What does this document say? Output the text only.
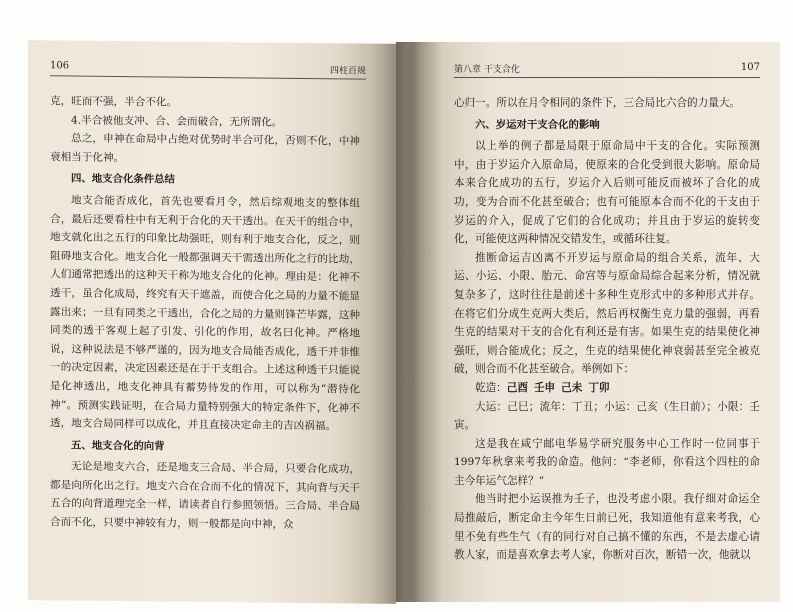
106	四柱百规

克，旺而不强，半合不化。

4.半合被他支冲、合、会而破合，无所谓化。

总之，申神在命局中占绝对优势时半合可化，否则不化，中神衰相当于化神。

四、地支合化条件总结

地支合能否成化，首先也要看月令，然后综观地支的整体组合，最后还要看柱中有无利于合化的天干透出。在天干的组合中，地支就化出之五行的印象比劫强旺，则有利于地支合化，反之，则阻碍地支合化。地支合化一般都强调天干需透出所化之行的比劫，人们通常把透出的这种天干称为地支合化的化神。理由是：化神不透干，虽合化成局，终究有天干遮盖，而使合化之局的力量不能显露出来；一旦有同类之干透出，合化之局的力量则锋芒毕露，这种同类的透干客观上起了引发、引化的作用，故名曰化神。严格地说，这种说法是不够严谨的，因为地支合局能否成化，透干并非惟一的决定因素，决定因素还是在于干支组合。上述这种透干只能说是化神透出，地支化神具有蓄势待发的作用，可以称为“潜待化神”。预测实践证明，在合局力量特别强大的特定条件下，化神不透，地支合局同样可以成化，并且直接决定命主的吉凶祸福。

五、地支合化的向背

无论是地支六合，还是地支三合局、半合局，只要合化成功，都是向所化出之行。地支六合在合而不化的情况下，其向背与天干五合的向背道理完全一样，请读者自行参照领悟。三合局、半合局合而不化，只要中神较有力，则一般都是向中神，众

第八章 干支合化	107

心归一。所以在月令相同的条件下，三合局比六合的力量大。

六、岁运对干支合化的影响

以上举的例子都是局限于原命局中干支的合化。实际预测中，由于岁运介入原命局，使原来的合化受到很大影响。原命局本来合化成功的五行，岁运介入后则可能反而被坏了合化的成功，变为合而不化甚至破合；也有可能原本合而不化的干支由于岁运的介入，促成了它们的合化成功；并且由于岁运的旋转变化，可能使这两种情况交错发生，或循环往复。

推断命运吉凶离不开岁运与原命局的组合关系，流年、大运、小运、小限、胎元、命宫等与原命局综合起来分析，情况就复杂多了，这时往往是前述十多种生克形式中的多种形式并存。在将它们分成生克两大类后，然后再权衡生克力量的强弱，再看生克的结果对干支的合化有利还是有害。如果生克的结果使化神强旺，则合能成化；反之，生克的结果使化神衰弱甚至完全被克破，则合而不化甚至破合。举例如下：

乾造：己酉 壬申 己未 丁卯

大运：己巳；流年：丁丑；小运：己亥（生日前）；小限：壬寅。

这是我在咸宁邮电华易学研究服务中心工作时一位同事于1997年秋拿来考我的命造。他问：“李老师，你看这个四柱的命主今年运气怎样？”

他当时把小运误推为壬子，也没考虑小限。我仔细对命运全局推敲后，断定命主今年生日前已死，我知道他有意来考我，心里不免有些生气（有的同行对自己搞不懂的东西，不是去虚心请教人家，而是喜欢拿去考人家，你断对百次，断错一次，他就以
